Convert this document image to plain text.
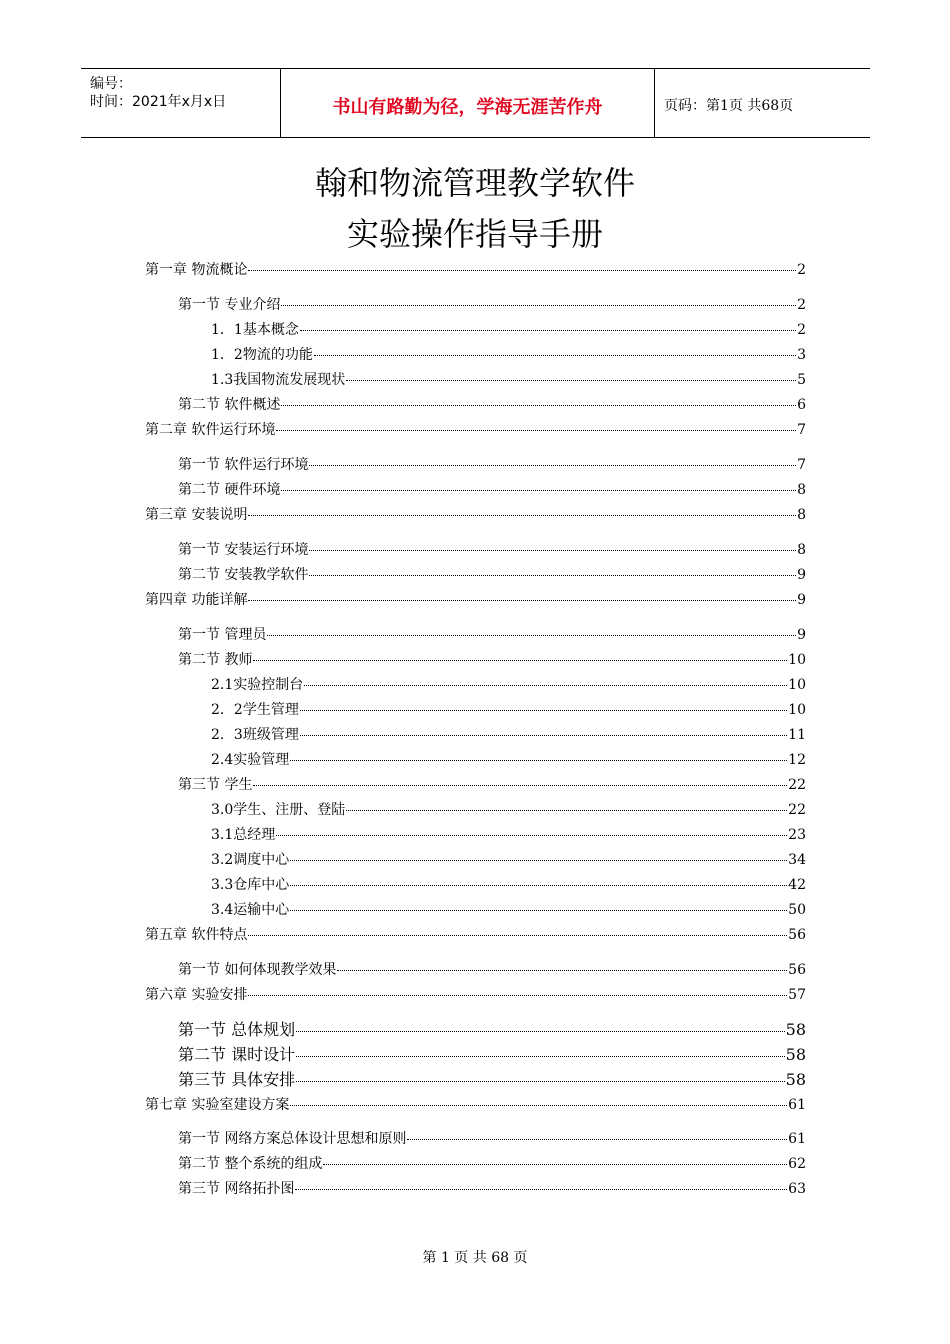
编号：
时间：2021年x月x日	书山有路勤为径，学海无涯苦作舟	页码：第1页 共68页
翰和物流管理教学软件
实验操作指导手册
第一章 物流概论	2
第一节 专业介绍	2
1．1基本概念	2
1．2物流的功能	3
1.3我国物流发展现状	5
第二节 软件概述	6
第二章 软件运行环境	7
第一节 软件运行环境	7
第二节 硬件环境	8
第三章 安装说明	8
第一节 安装运行环境	8
第二节 安装教学软件	9
第四章 功能详解	9
第一节 管理员	9
第二节 教师	10
2.1实验控制台	10
2．2学生管理	10
2．3班级管理	11
2.4实验管理	12
第三节 学生	22
3.0学生、注册、登陆	22
3.1总经理	23
3.2调度中心	34
3.3仓库中心	42
3.4运输中心	50
第五章 软件特点	56
第一节 如何体现教学效果	56
第六章 实验安排	57
第一节 总体规划	58
第二节 课时设计	58
第三节 具体安排	58
第七章 实验室建设方案	61
第一节 网络方案总体设计思想和原则	61
第二节 整个系统的组成	62
第三节 网络拓扑图	63
第 1 页 共 68 页
